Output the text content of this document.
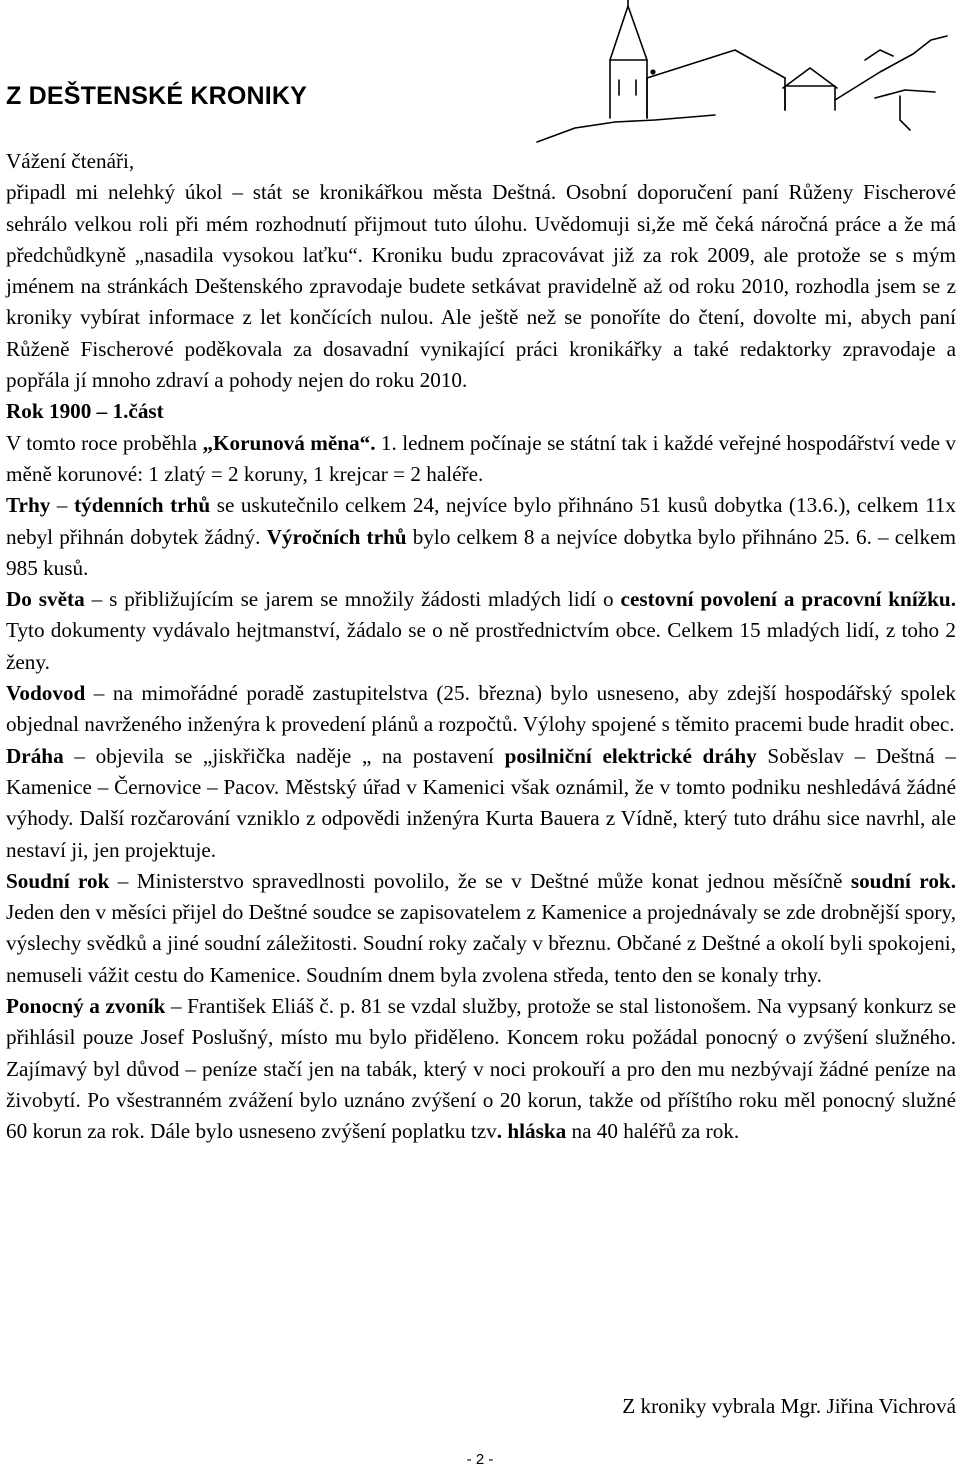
Z DEŠTENSKÉ KRONIKY

Vážení čtenáři,

připadl mi nelehký úkol – stát se kronikářkou města Deštná. Osobní doporučení paní Růženy Fischerové sehrálo velkou roli při mém rozhodnutí přijmout tuto úlohu. Uvědomuji si,že mě čeká náročná práce a že má předchůdkyně „nasadila vysokou laťku“. Kroniku budu zpracovávat již za rok 2009, ale protože se s mým jménem na stránkách Deštenského zpravodaje budete setkávat pravidelně až od roku 2010, rozhodla jsem se z kroniky vybírat informace z let končících nulou. Ale ještě než se ponoříte do čtení, dovolte mi, abych paní Růženě Fischerové poděkovala za dosavadní vynikající práci kronikářky a také redaktorky zpravodaje a popřála jí mnoho zdraví a pohody nejen do roku 2010.

Rok 1900 – 1.část

V tomto roce proběhla „Korunová měna“. 1. lednem počínaje se státní tak i každé veřejné hospodářství vede v měně korunové: 1 zlatý = 2 koruny, 1 krejcar = 2 haléře.

Trhy – týdenních trhů se uskutečnilo celkem 24, nejvíce bylo přihnáno 51 kusů dobytka (13.6.), celkem 11x nebyl přihnán dobytek žádný. Výročních trhů bylo celkem 8 a nejvíce dobytka bylo přihnáno 25. 6. – celkem 985 kusů.

Do světa – s přibližujícím se jarem se množily žádosti mladých lidí o cestovní povolení a pracovní knížku. Tyto dokumenty vydávalo hejtmanství, žádalo se o ně prostřednictvím obce. Celkem 15 mladých lidí, z toho 2 ženy.

Vodovod – na mimořádné poradě zastupitelstva (25. března) bylo usneseno, aby zdejší hospodářský spolek objednal navrženého inženýra k provedení plánů a rozpočtů. Výlohy spojené s těmito pracemi bude hradit obec.

Dráha – objevila se „jiskřička naděje „ na postavení posilniční elektrické dráhy Soběslav – Deštná –Kamenice – Černovice – Pacov. Městský úřad v Kamenici však oznámil, že v tomto podniku neshledává žádné výhody. Další rozčarování vzniklo z odpovědi inženýra Kurta Bauera z Vídně, který tuto dráhu sice navrhl, ale nestaví ji, jen projektuje.

Soudní rok – Ministerstvo spravedlnosti povolilo, že se v Deštné může konat jednou měsíčně soudní rok. Jeden den v měsíci přijel do Deštné soudce se zapisovatelem z Kamenice a projednávaly se zde drobnější spory, výslechy svědků a jiné soudní záležitosti. Soudní roky začaly v březnu. Občané z Deštné a okolí byli spokojeni, nemuseli vážit cestu do Kamenice. Soudním dnem byla zvolena středa, tento den se konaly trhy.

Ponocný a zvoník – František Eliáš č. p. 81 se vzdal služby, protože se stal listonošem. Na vypsaný konkurz se přihlásil pouze Josef Poslušný, místo mu bylo přiděleno. Koncem roku požádal ponocný o zvýšení služného. Zajímavý byl důvod – peníze stačí jen na tabák, který v noci prokouří a pro den mu nezbývají žádné peníze na živobytí. Po všestranném zvážení bylo uznáno zvýšení o 20 korun, takže od příštího roku měl ponocný služné 60 korun za rok. Dále bylo usneseno zvýšení poplatku tzv. hláska na 40 haléřů za rok.

Z kroniky vybrala Mgr. Jiřina Vichrová
- 2 -
